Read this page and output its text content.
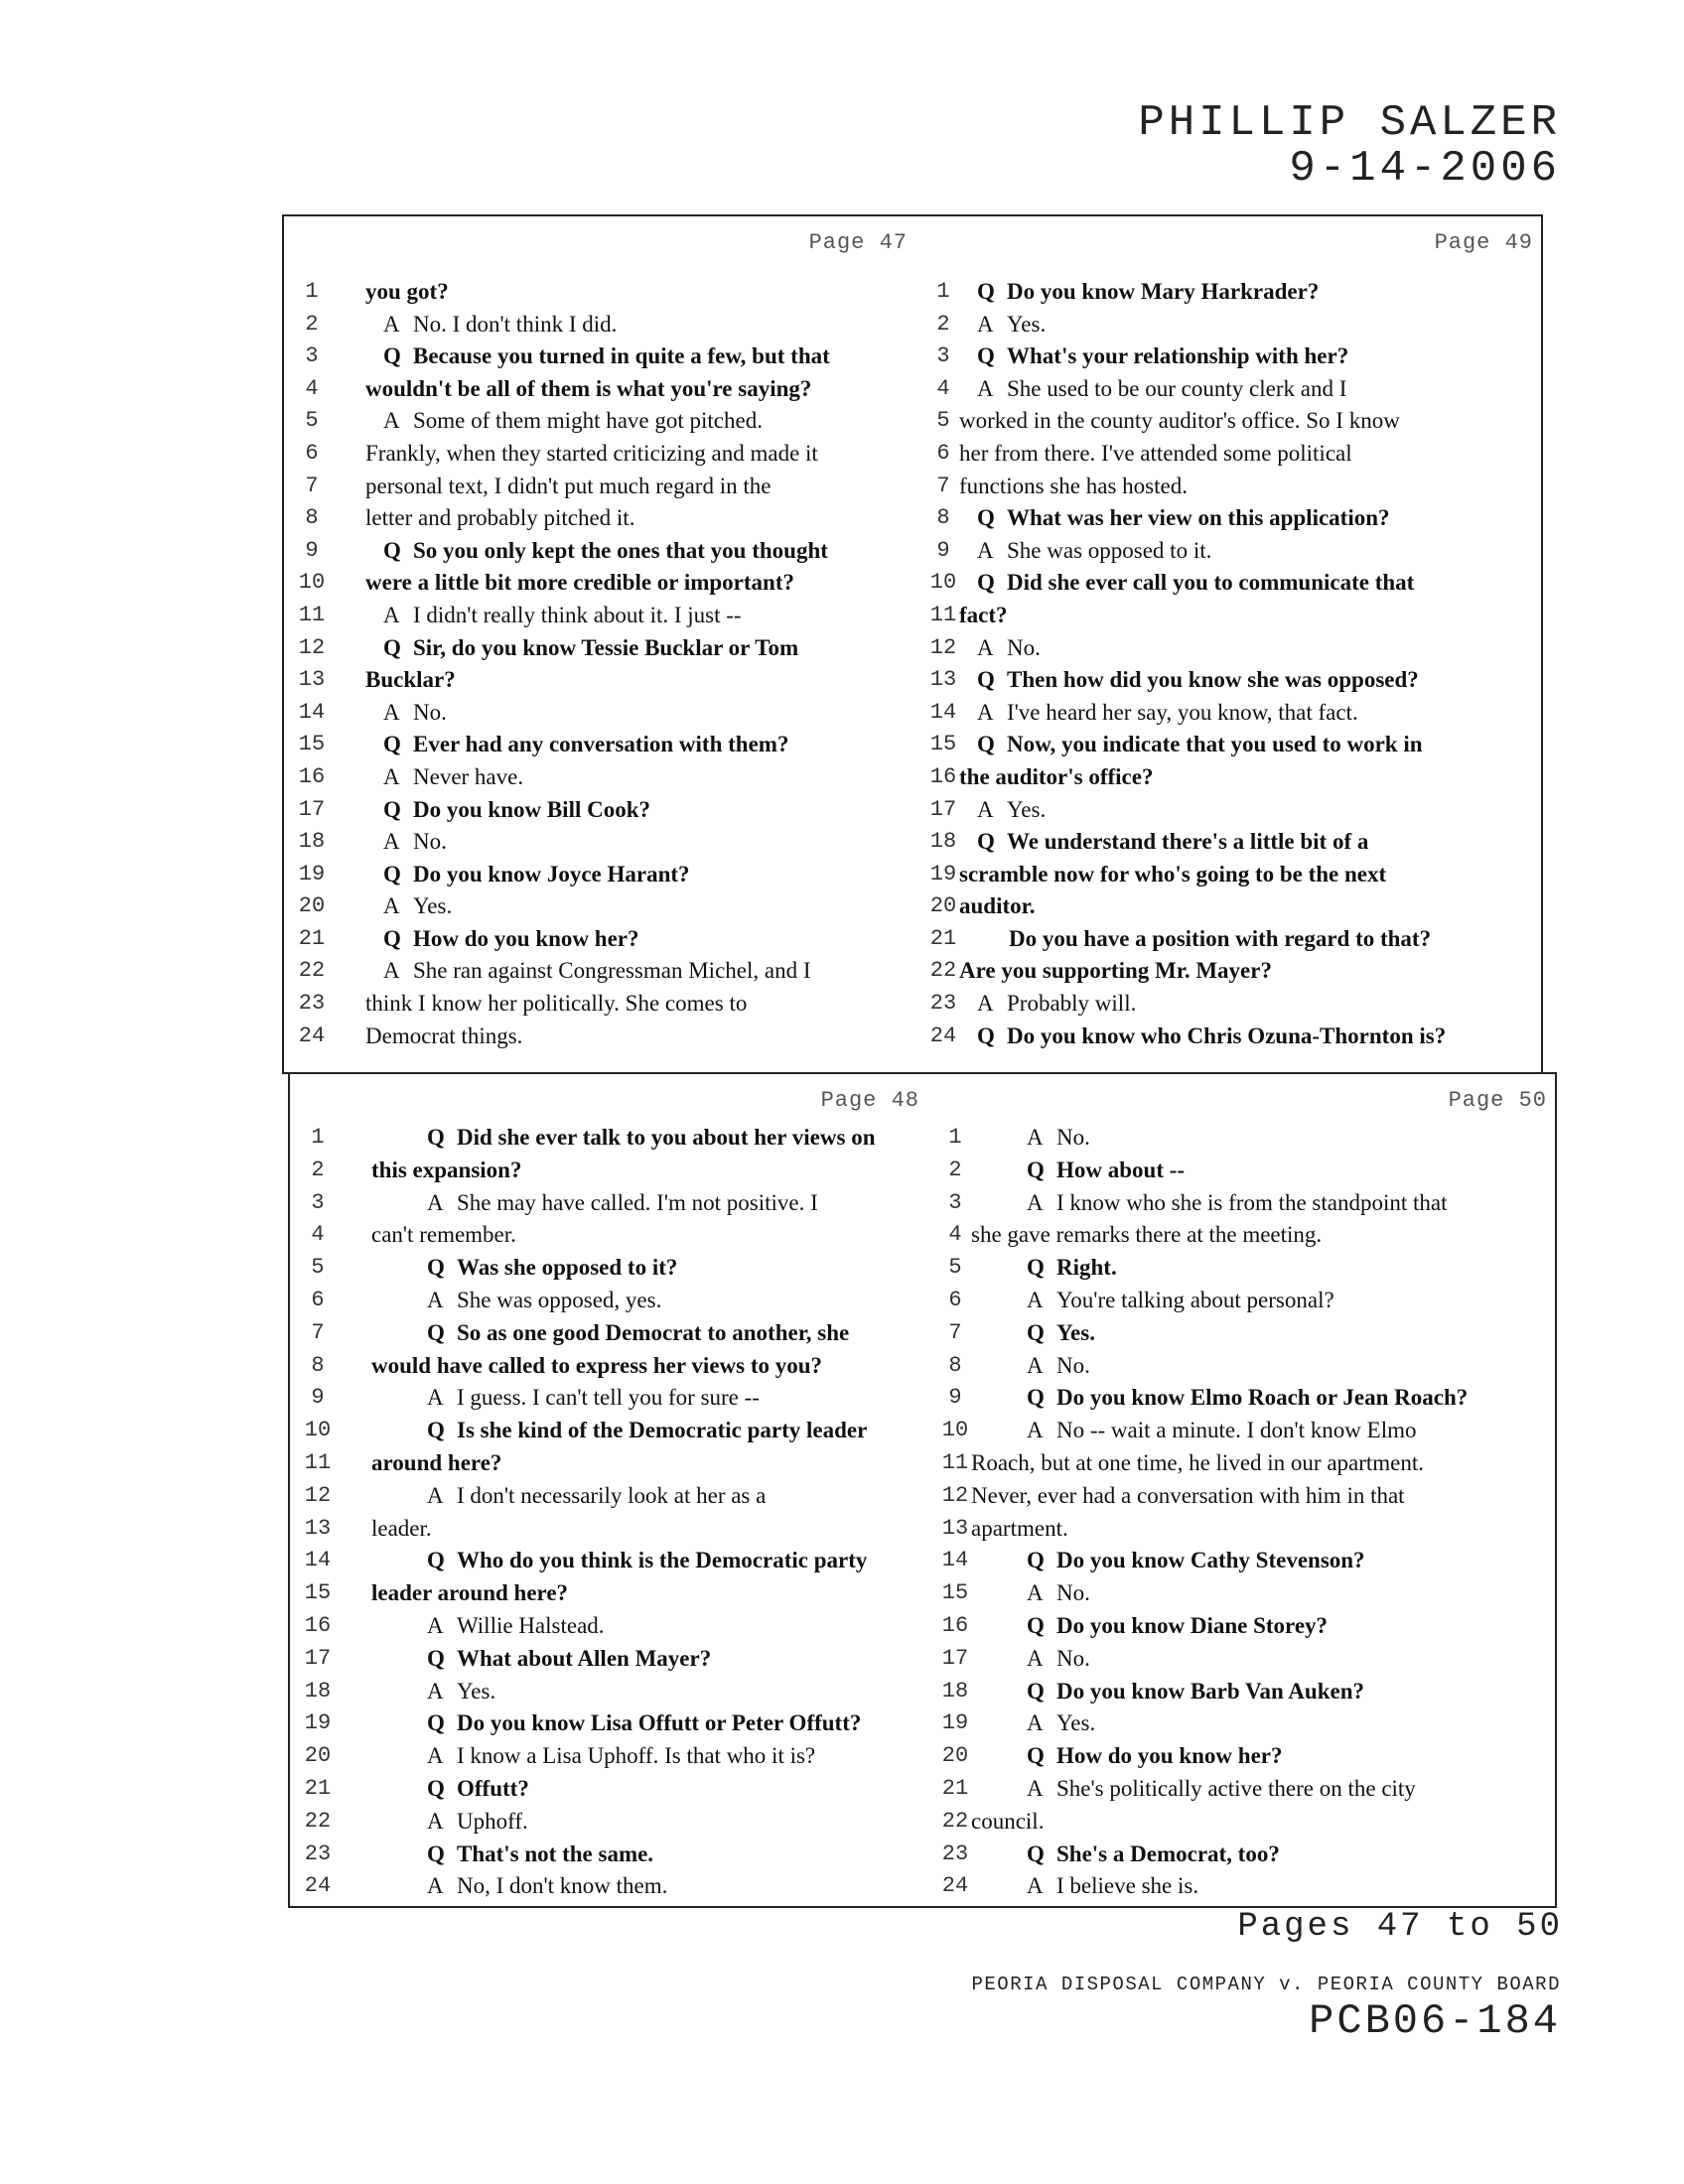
PHILLIP SALZER
9-14-2006

Page 47

1	you got?
2	A No. I don't think I did.
3	Q Because you turned in quite a few, but that
4	wouldn't be all of them is what you're saying?
5	A Some of them might have got pitched.
6	Frankly, when they started criticizing and made it
7	personal text, I didn't put much regard in the
8	letter and probably pitched it.
9	Q So you only kept the ones that you thought
10 were a little bit more credible or important?
11	A I didn't really think about it. I just --
12	Q Sir, do you know Tessie Bucklar or Tom
13 Bucklar?
14	A No.
15	Q Ever had any conversation with them?
16	A Never have.
17	Q Do you know Bill Cook?
18	A No.
19	Q Do you know Joyce Harant?
20	A Yes.
21	Q How do you know her?
22	A She ran against Congressman Michel, and I
23 think I know her politically. She comes to
24 Democrat things.

Page 49

1	Q Do you know Mary Harkrader?
2	A Yes.
3	Q What's your relationship with her?
4	A She used to be our county clerk and I
5 worked in the county auditor's office. So I know
6 her from there. I've attended some political
7 functions she has hosted.
8	Q What was her view on this application?
9	A She was opposed to it.
10 Q Did she ever call you to communicate that
11 fact?
12 A No.
13 Q Then how did you know she was opposed?
14 A I've heard her say, you know, that fact.
15 Q Now, you indicate that you used to work in
16 the auditor's office?
17 A Yes.
18 Q We understand there's a little bit of a
19 scramble now for who's going to be the next
20 auditor.
21	Do you have a position with regard to that?
22 Are you supporting Mr. Mayer?
23 A Probably will.
24 Q Do you know who Chris Ozuna-Thornton is?

Page 48

1	Q Did she ever talk to you about her views on
2	this expansion?
3	A She may have called. I'm not positive. I
4	can't remember.
5	Q Was she opposed to it?
6	A She was opposed, yes.
7	Q So as one good Democrat to another, she
8	would have called to express her views to you?
9	A I guess. I can't tell you for sure --
10	Q Is she kind of the Democratic party leader
11 around here?
12	A I don't necessarily look at her as a
13 leader.
14	Q Who do you think is the Democratic party
15 leader around here?
16	A Willie Halstead.
17	Q What about Allen Mayer?
18	A Yes.
19	Q Do you know Lisa Offutt or Peter Offutt?
20	A I know a Lisa Uphoff. Is that who it is?
21	Q Offutt?
22	A Uphoff.
23	Q That's not the same.
24	A No, I don't know them.

Page 50

1	A No.
2	Q How about --
3	A I know who she is from the standpoint that
4 she gave remarks there at the meeting.
5	Q Right.
6	A You're talking about personal?
7	Q Yes.
8	A No.
9	Q Do you know Elmo Roach or Jean Roach?
10	A No -- wait a minute. I don't know Elmo
11 Roach, but at one time, he lived in our apartment.
12 Never, ever had a conversation with him in that
13 apartment.
14	Q Do you know Cathy Stevenson?
15	A No.
16	Q Do you know Diane Storey?
17	A No.
18	Q Do you know Barb Van Auken?
19	A Yes.
20	Q How do you know her?
21	A She's politically active there on the city
22 council.
23	Q She's a Democrat, too?
24	A I believe she is.

Pages 47 to 50

PEORIA DISPOSAL COMPANY v. PEORIA COUNTY BOARD

PCB06-184
